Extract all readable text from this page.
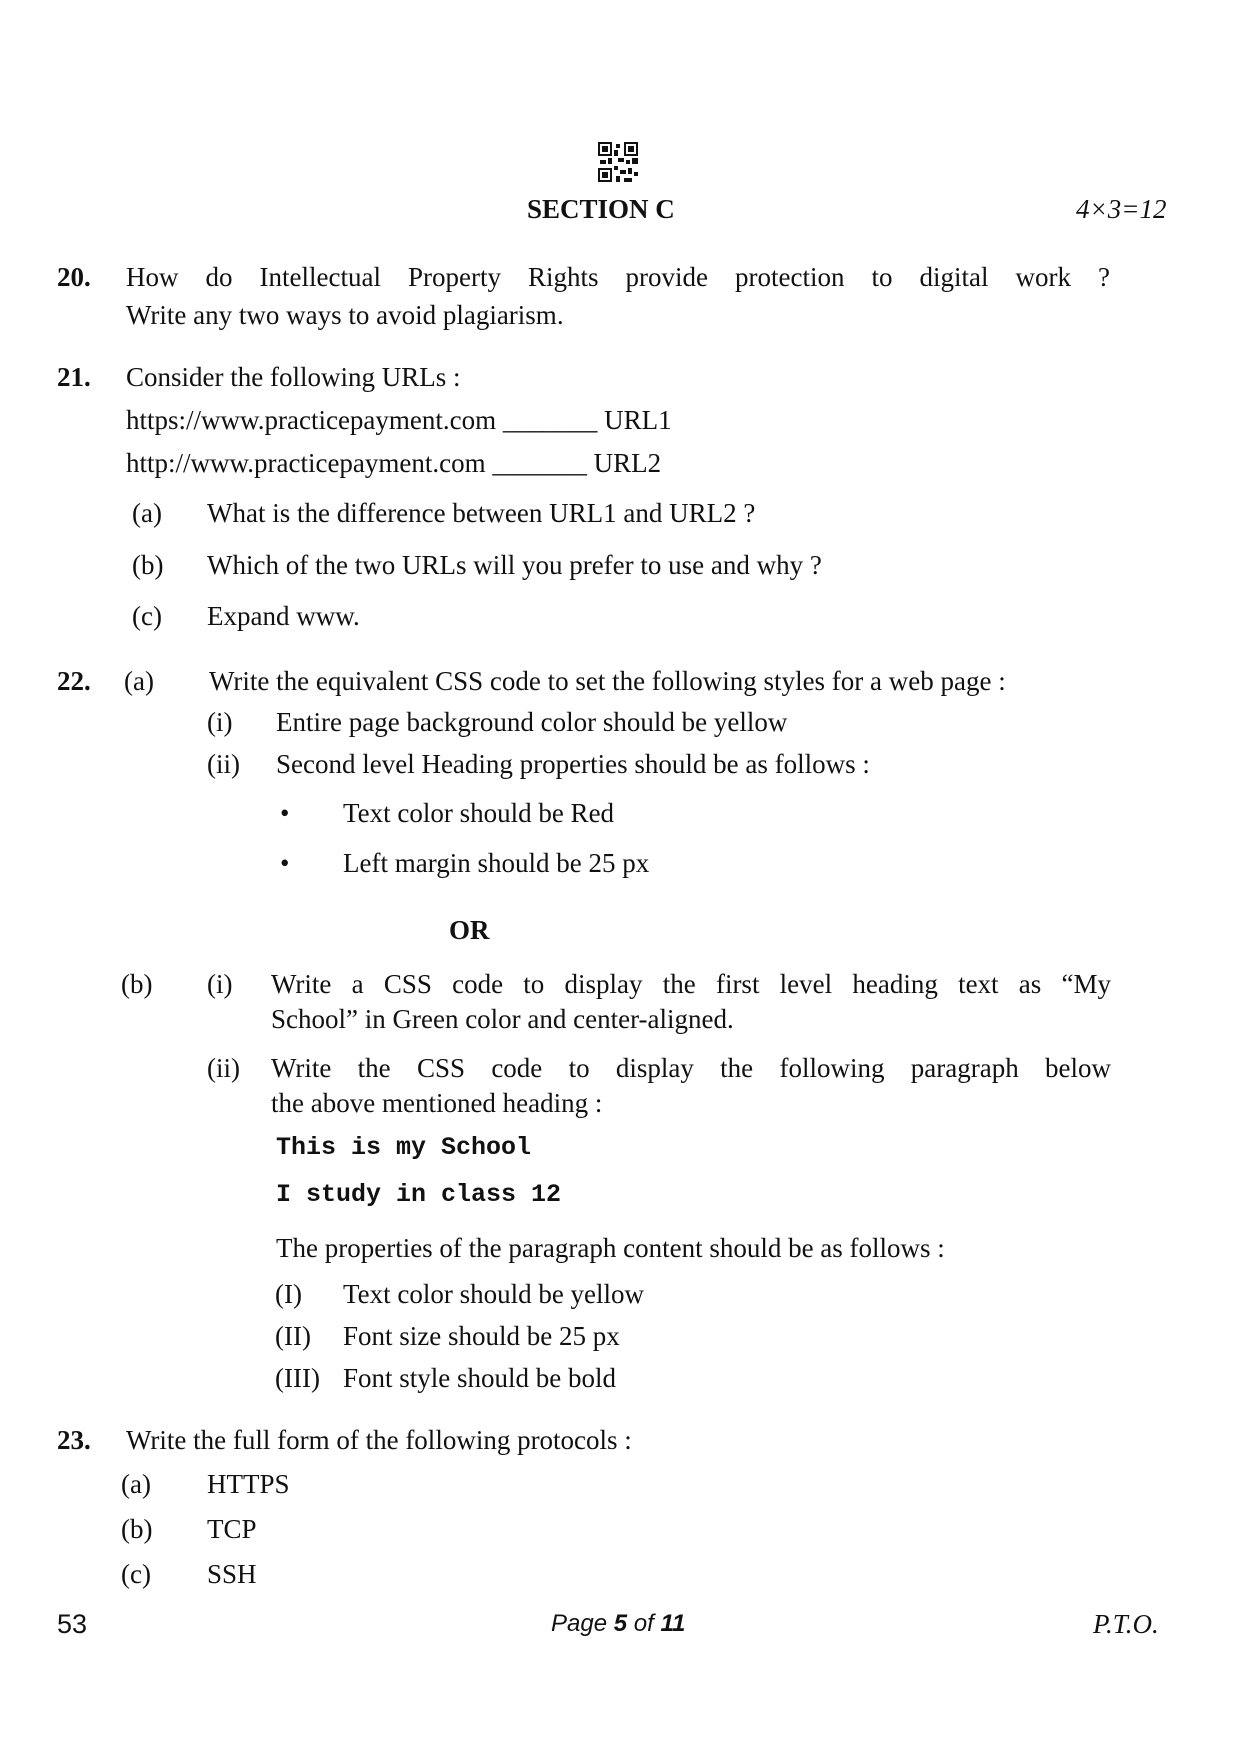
SECTION C	4×3=12
20. How do Intellectual Property Rights provide protection to digital work ?
Write any two ways to avoid plagiarism.
21. Consider the following URLs :
https://www.practicepayment.com _______ URL1
http://www.practicepayment.com _______ URL2
(a) What is the difference between URL1 and URL2 ?
(b) Which of the two URLs will you prefer to use and why ?
(c) Expand www.
22. (a) Write the equivalent CSS code to set the following styles for a web page :
(i) Entire page background color should be yellow
(ii) Second level Heading properties should be as follows :
• Text color should be Red
• Left margin should be 25 px
OR
(b) (i) Write a CSS code to display the first level heading text as “My
School” in Green color and center-aligned.
(ii) Write the CSS code to display the following paragraph below
the above mentioned heading :
This is my School
I study in class 12
The properties of the paragraph content should be as follows :
(I) Text color should be yellow
(II) Font size should be 25 px
(III) Font style should be bold
23. Write the full form of the following protocols :
(a) HTTPS
(b) TCP
(c) SSH
53	Page 5 of 11	P.T.O.
